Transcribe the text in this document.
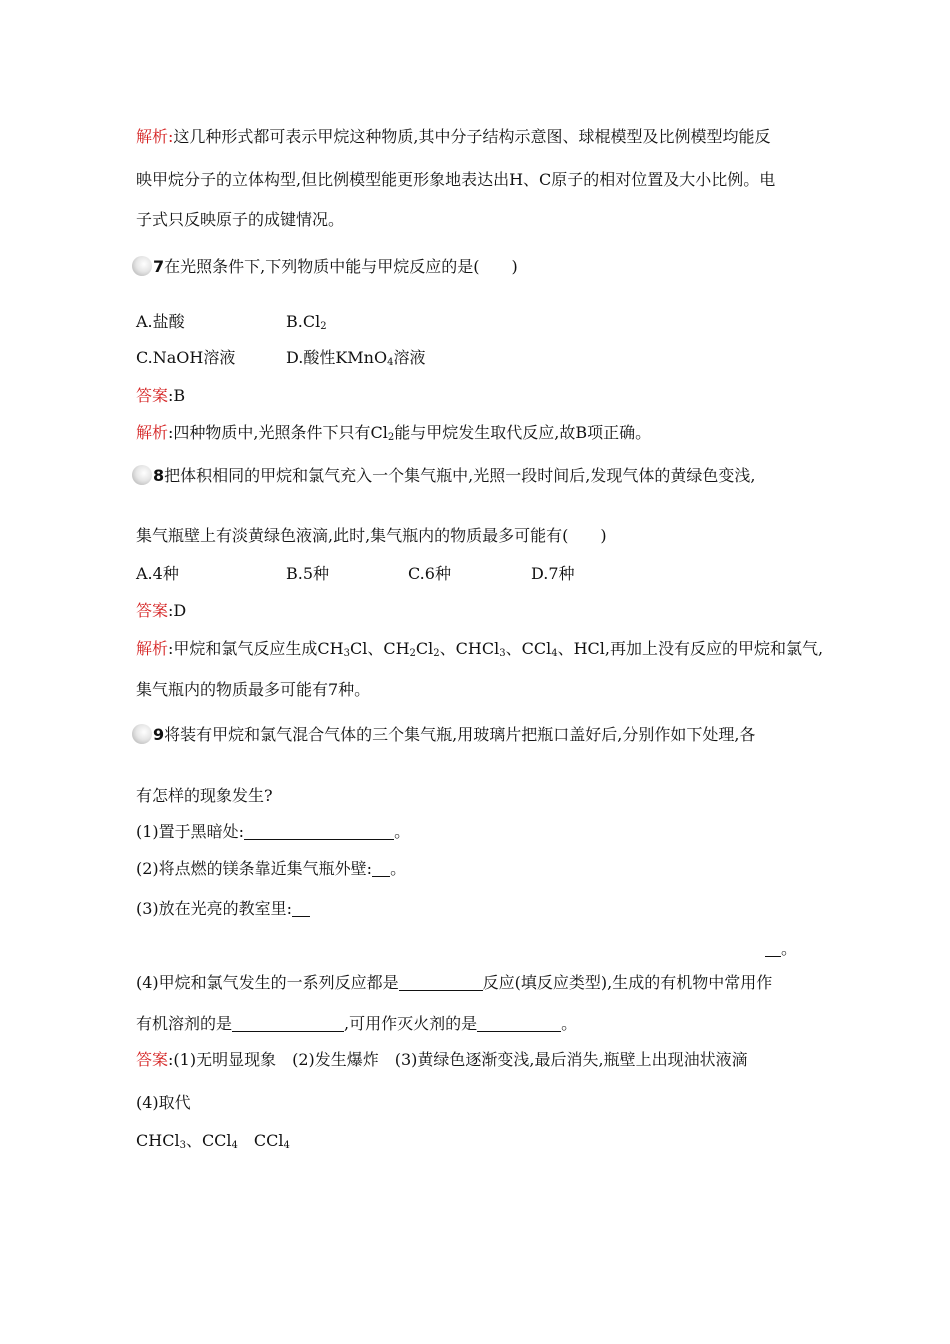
解析:这几种形式都可表示甲烷这种物质,其中分子结构示意图、球棍模型及比例模型均能反
映甲烷分子的立体构型,但比例模型能更形象地表达出H、C原子的相对位置及大小比例。电
子式只反映原子的成键情况。
7在光照条件下,下列物质中能与甲烷反应的是(　　)
A.盐酸	$B.Cl_2$
C.NaOH溶液	D.酸性KMnO$_4$溶液
答案:B
解析:四种物质中,光照条件下只有$Cl_2$能与甲烷发生取代反应,故B项正确。
8把体积相同的甲烷和氯气充入一个集气瓶中,光照一段时间后,发现气体的黄绿色变浅,
集气瓶壁上有淡黄绿色液滴,此时,集气瓶内的物质最多可能有(　　)
A.4种	B.5种	C.6种	D.7种
答案:D
解析:甲烷和氯气反应生成$CH_3Cl$、$CH_2Cl_2$、CHCl$_3$、CCl$_4$、HCl,再加上没有反应的甲烷和氯气,
集气瓶内的物质最多可能有7种。
9将装有甲烷和氯气混合气体的三个集气瓶,用玻璃片把瓶口盖好后,分别作如下处理,各
有怎样的现象发生?
(1)置于黑暗处:	。
(2)将点燃的镁条靠近集气瓶外壁: 。
(3)放在光亮的教室里:
。
(4)甲烷和氯气发生的一系列反应都是	反应(填反应类型),生成的有机物中常用作
有机溶剂的是	,可用作灭火剂的是	。
答案:(1)无明显现象　(2)发生爆炸　(3)黄绿色逐渐变浅,最后消失,瓶壁上出现油状液滴
(4)取代
CHCl$_3$、CCl$_4$　CCl$_4$
